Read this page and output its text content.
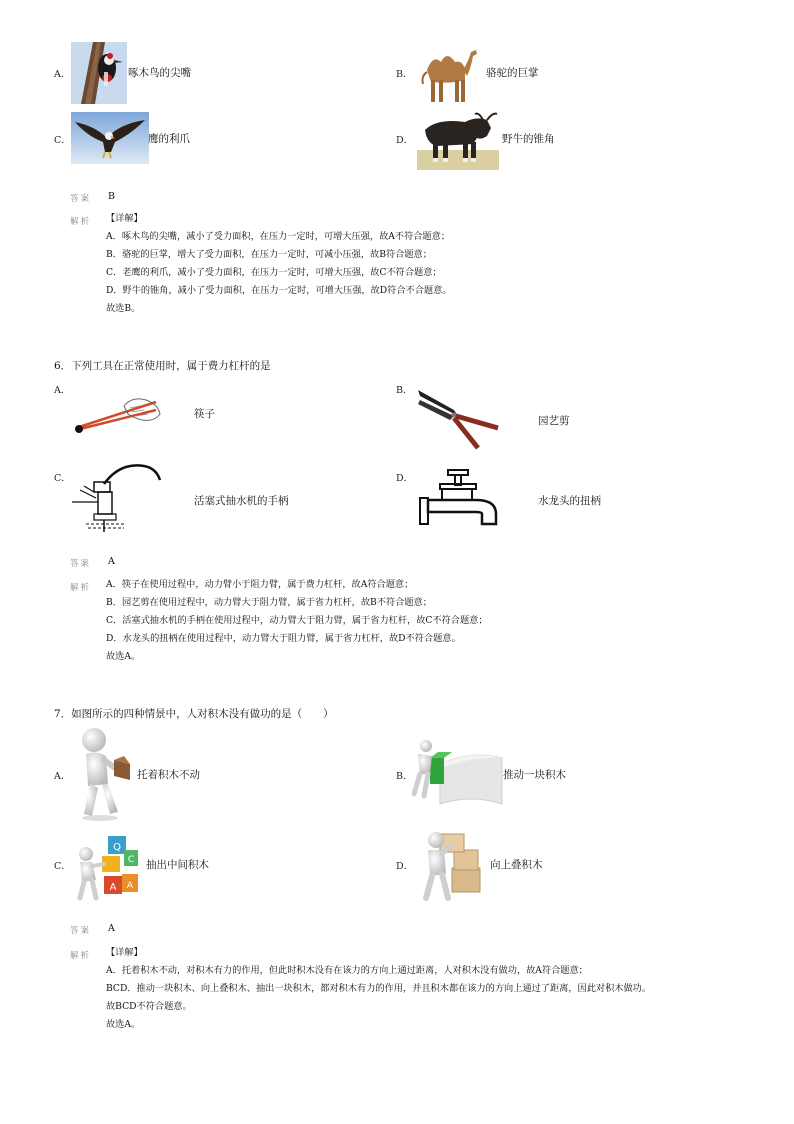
A．	啄木鸟的尖嘴	B．	骆驼的巨掌
C．	鹰的利爪	D．	野牛的锥角
答案 B
解析 【详解】
A．啄木鸟的尖嘴，减小了受力面积，在压力一定时，可增大压强，故A不符合题意；
B．骆驼的巨掌，增大了受力面积，在压力一定时，可减小压强，故B符合题意；
C．老鹰的利爪，减小了受力面积，在压力一定时，可增大压强，故C不符合题意；
D．野牛的锥角，减小了受力面积，在压力一定时，可增大压强，故D符合不合题意。
故选B。
6．下列工具在正常使用时，属于费力杠杆的是
A．
筷子
B．
园艺剪
C．
活塞式抽水机的手柄
D．
水龙头的扭柄
答案 A
解析 A．筷子在使用过程中，动力臂小于阻力臂，属于费力杠杆，故A符合题意；
B．园艺剪在使用过程中，动力臂大于阻力臂，属于省力杠杆，故B不符合题意；
C．活塞式抽水机的手柄在使用过程中，动力臂大于阻力臂，属于省力杠杆，故C不符合题意；
D．水龙头的扭柄在使用过程中，动力臂大于阻力臂，属于省力杠杆，故D不符合题意。
故选A。
7．如图所示的四种情景中，人对积木没有做功的是（　　）
A．	托着积木不动	B．	推动一块积木
C．
Q
C
A A
抽出中间积木	D．	向上叠积木
答案 A
解析 【详解】
A．托着积木不动，对积木有力的作用，但此时积木没有在该力的方向上通过距离，人对积木没有做功，故A符合题意；
BCD．推动一块积木、向上叠积木、抽出一块积木，都对积木有力的作用，并且积木都在该力的方向上通过了距离，因此对积木做功。
故BCD不符合题意。
故选A。
